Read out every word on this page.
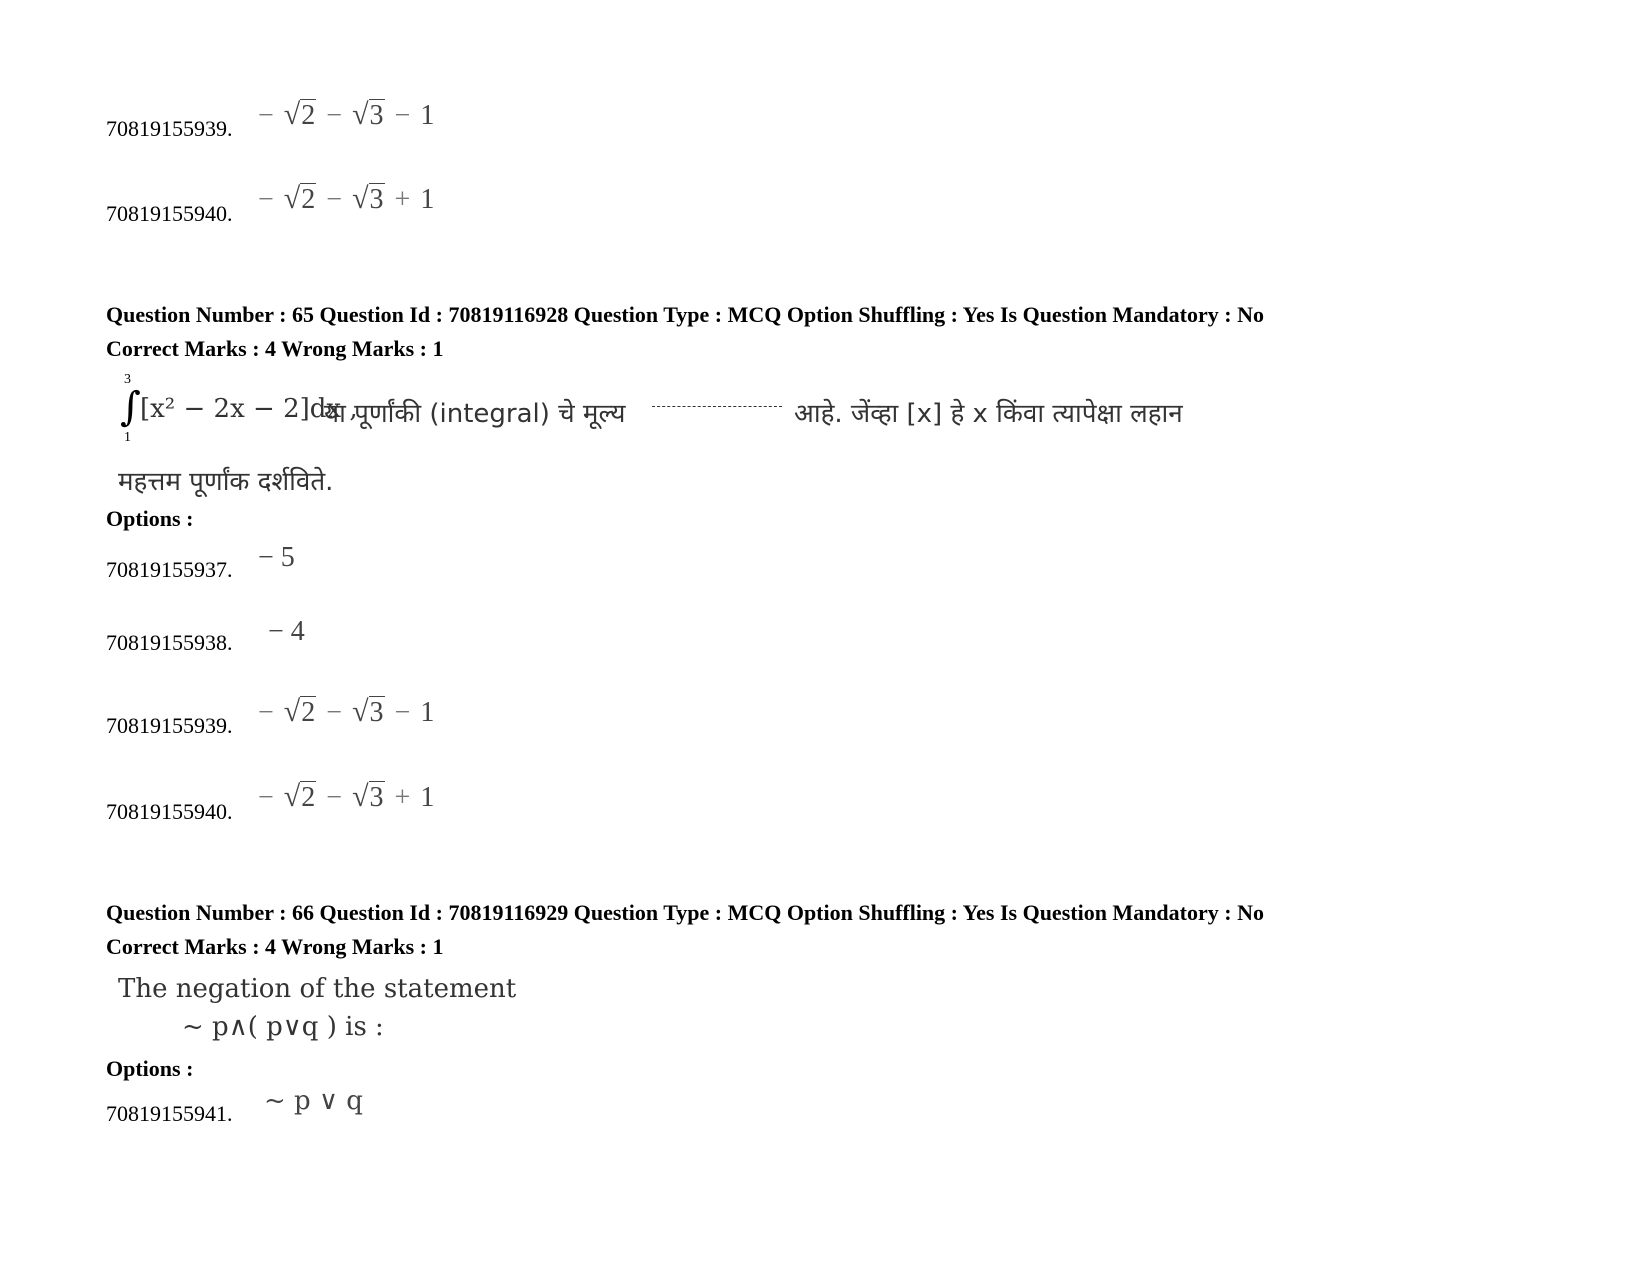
70819155939. − √2 − √3 − 1
70819155940. − √2 − √3 + 1
Question Number : 65 Question Id : 70819116928 Question Type : MCQ Option Shuffling : Yes Is Question Mandatory : No
Correct Marks : 4 Wrong Marks : 1
3
∫
1
[x² − 2x − 2]dx ,
या पूर्णांकी (integral) चे मूल्य	आहे. जेंव्हा [x] हे x किंवा त्यापेक्षा लहान
महत्तम पूर्णांक दर्शविते.
Options :
70819155937. − 5
70819155938. − 4
70819155939. − √2 − √3 − 1
70819155940. − √2 − √3 + 1
Question Number : 66 Question Id : 70819116929 Question Type : MCQ Option Shuffling : Yes Is Question Mandatory : No
Correct Marks : 4 Wrong Marks : 1
The negation of the statement
~ p∧( p∨q ) is :
Options :
70819155941. ~ p ∨ q
